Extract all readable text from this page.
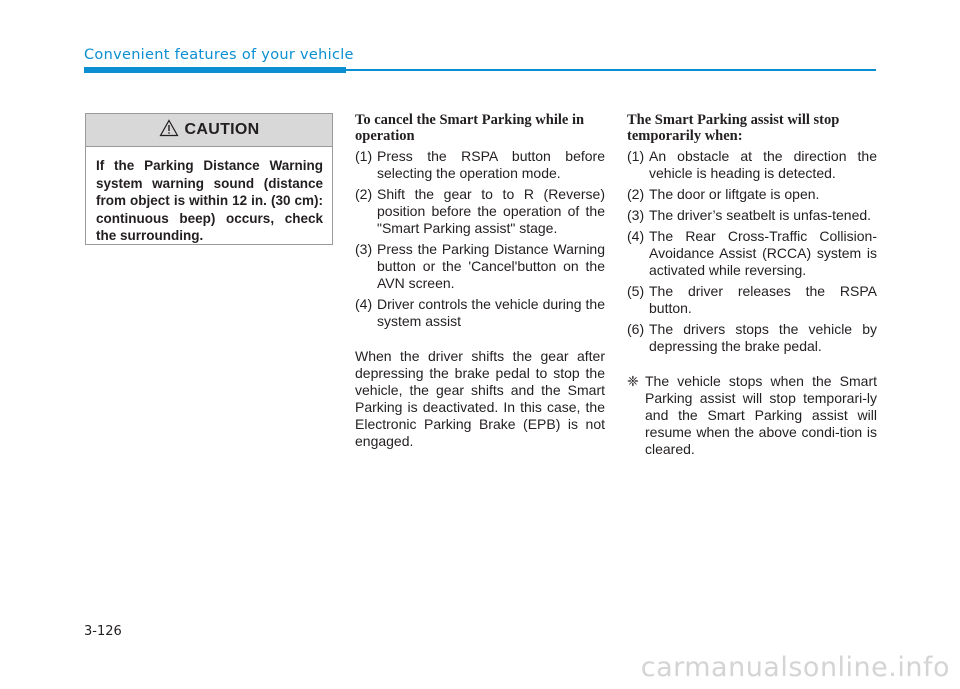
Convenient features of your vehicle
CAUTION
If the Parking Distance Warning system warning sound (distance from object is within 12 in. (30 cm): continuous beep) occurs, check the surrounding.
To cancel the Smart Parking while in operation
(1) Press the RSPA button before selecting the operation mode.
(2) Shift the gear to to R (Reverse) position before the operation of the "Smart Parking assist" stage.
(3) Press the Parking Distance Warning button or the 'Cancel'button on the AVN screen.
(4) Driver controls the vehicle during the system assist
When the driver shifts the gear after depressing the brake pedal to stop the vehicle, the gear shifts and the Smart Parking is deactivated. In this case, the Electronic Parking Brake (EPB) is not engaged.
The Smart Parking assist will stop temporarily when:
(1) An obstacle at the direction the vehicle is heading is detected.
(2) The door or liftgate is open.
(3) The driver’s seatbelt is unfas-tened.
(4) The Rear Cross-Traffic Collision-Avoidance Assist (RCCA) system is activated while reversing.
(5) The driver releases the RSPA button.
(6) The drivers stops the vehicle by depressing the brake pedal.
❈ The vehicle stops when the Smart Parking assist will stop temporari-ly and the Smart Parking assist will resume when the above condi-tion is cleared.
3-126
carmanualsonline.info
